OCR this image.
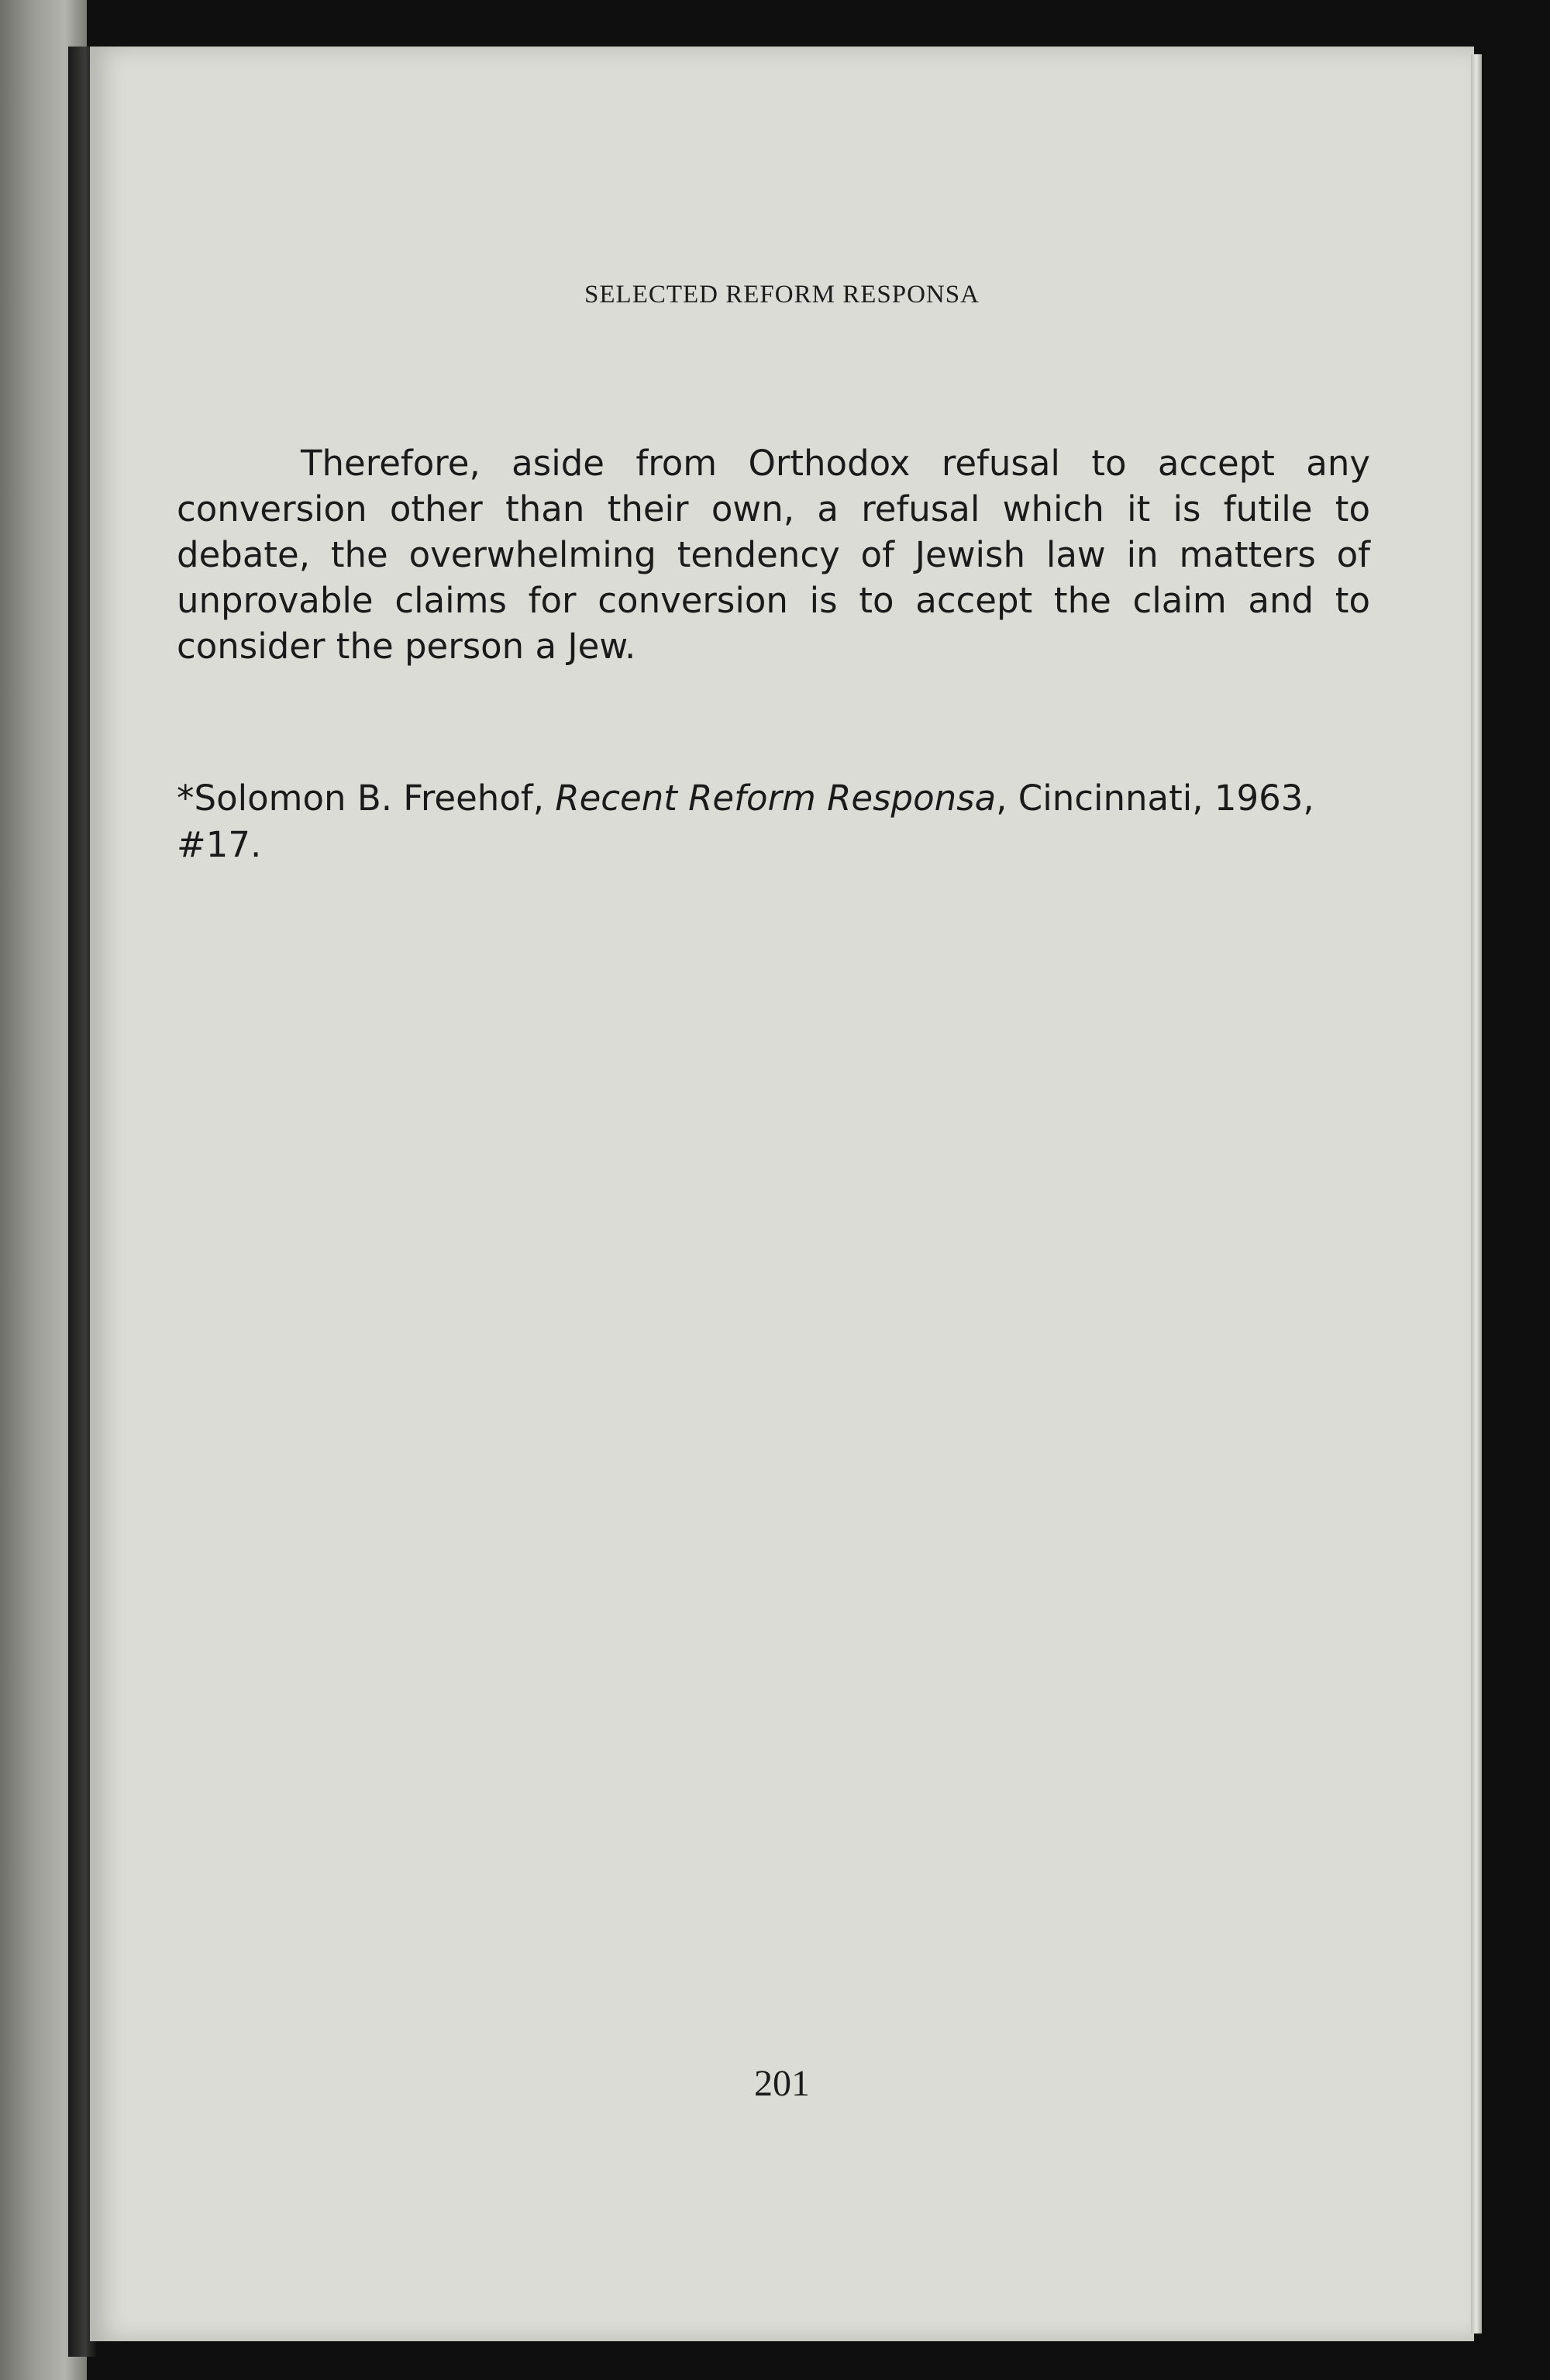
SELECTED REFORM RESPONSA

Therefore, aside from Orthodox refusal to accept any conversion other than their own, a refusal which it is futile to debate, the overwhelming tendency of Jewish law in matters of unprovable claims for conversion is to accept the claim and to consider the person a Jew.

*Solomon B. Freehof, Recent Reform Responsa, Cincinnati, 1963, #17.

201
